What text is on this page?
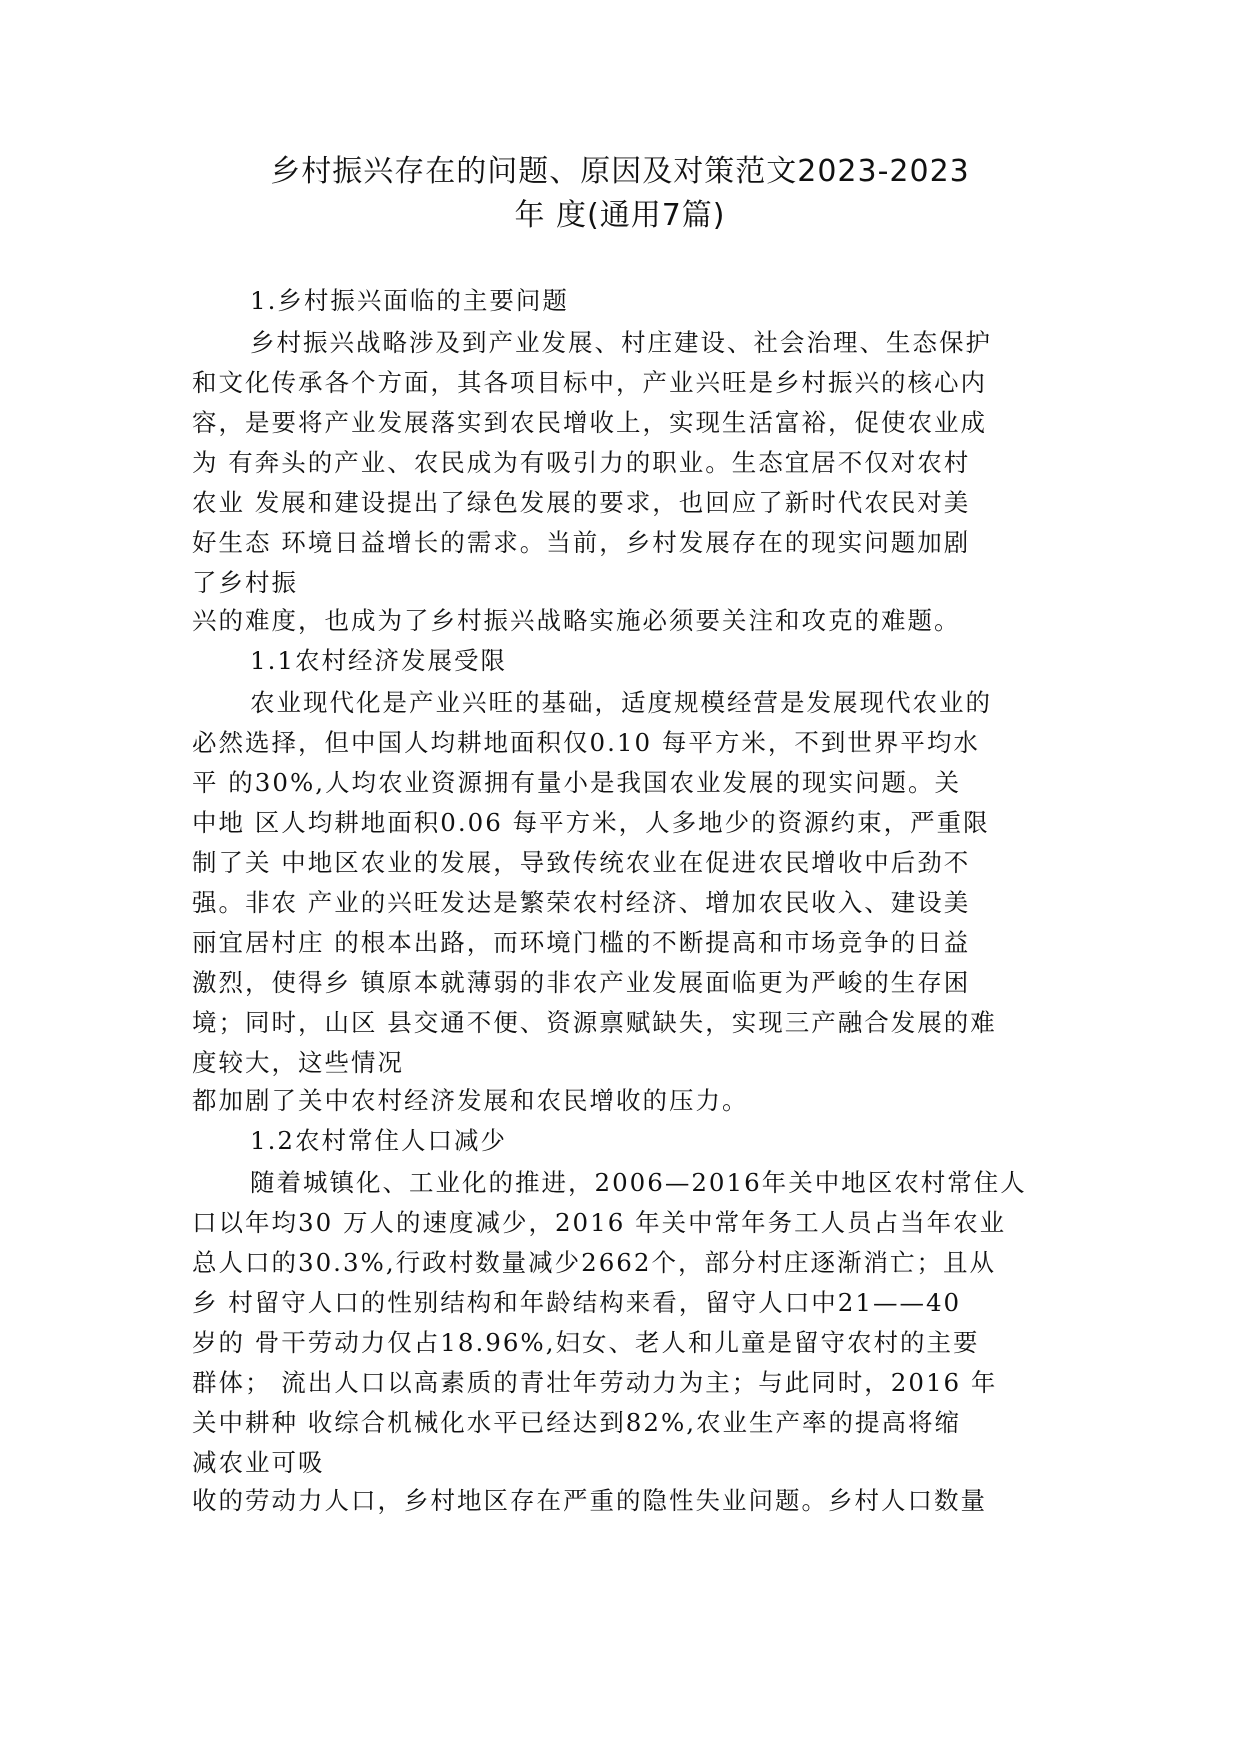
乡村振兴存在的问题、原因及对策范文2023-2023
年 度(通用7篇)
1.乡村振兴面临的主要问题
乡村振兴战略涉及到产业发展、村庄建设、社会治理、生态保护
和文化传承各个方面，其各项目标中，产业兴旺是乡村振兴的核心内
容，是要将产业发展落实到农民增收上，实现生活富裕，促使农业成
为 有奔头的产业、农民成为有吸引力的职业。生态宜居不仅对农村
农业 发展和建设提出了绿色发展的要求，也回应了新时代农民对美
好生态 环境日益增长的需求。当前，乡村发展存在的现实问题加剧
了乡村振
兴的难度，也成为了乡村振兴战略实施必须要关注和攻克的难题。
1.1农村经济发展受限
农业现代化是产业兴旺的基础，适度规模经营是发展现代农业的
必然选择，但中国人均耕地面积仅0.10 每平方米，不到世界平均水
平 的30%,人均农业资源拥有量小是我国农业发展的现实问题。关
中地 区人均耕地面积0.06 每平方米，人多地少的资源约束，严重限
制了关 中地区农业的发展，导致传统农业在促进农民增收中后劲不
强。非农 产业的兴旺发达是繁荣农村经济、增加农民收入、建设美
丽宜居村庄 的根本出路，而环境门槛的不断提高和市场竞争的日益
激烈，使得乡 镇原本就薄弱的非农产业发展面临更为严峻的生存困
境；同时，山区 县交通不便、资源禀赋缺失，实现三产融合发展的难
度较大，这些情况
都加剧了关中农村经济发展和农民增收的压力。
1.2农村常住人口减少
随着城镇化、工业化的推进，2006—2016年关中地区农村常住人
口以年均30 万人的速度减少，2016 年关中常年务工人员占当年农业
总人口的30.3%,行政村数量减少2662个，部分村庄逐渐消亡；且从
乡 村留守人口的性别结构和年龄结构来看，留守人口中21——40
岁的 骨干劳动力仅占18.96%,妇女、老人和儿童是留守农村的主要
群体； 流出人口以高素质的青壮年劳动力为主；与此同时，2016 年
关中耕种 收综合机械化水平已经达到82%,农业生产率的提高将缩
减农业可吸
收的劳动力人口，乡村地区存在严重的隐性失业问题。乡村人口数量
